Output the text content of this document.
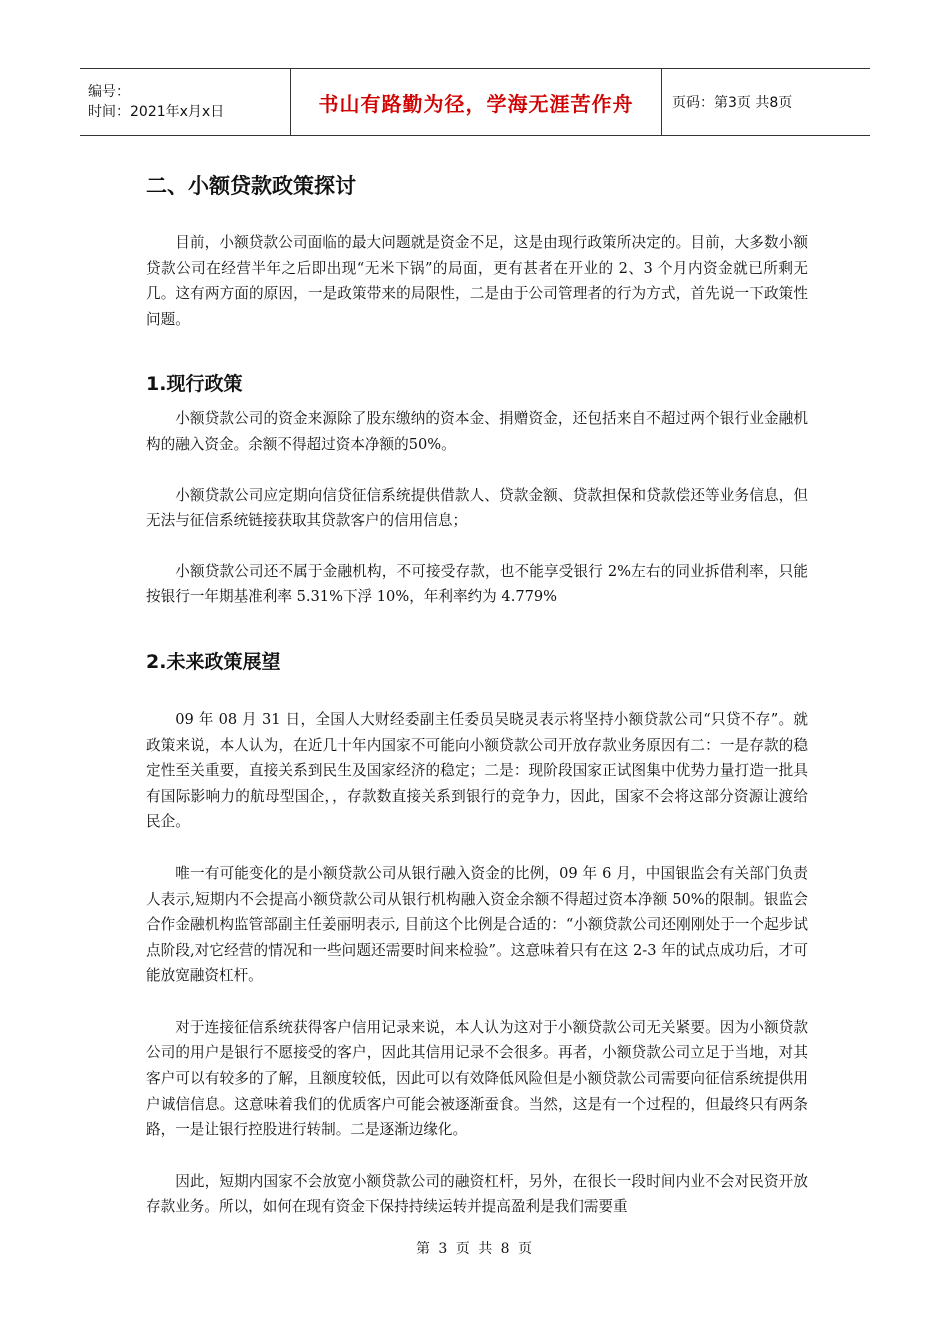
编号：
时间：2021年x月x日	书山有路勤为径，学海无涯苦作舟	页码：第3页 共8页
二、小额贷款政策探讨

目前，小额贷款公司面临的最大问题就是资金不足，这是由现行政策所决定的。目前，大多数小额贷款公司在经营半年之后即出现“无米下锅”的局面，更有甚者在开业的 2、3 个月内资金就已所剩无几。这有两方面的原因，一是政策带来的局限性，二是由于公司管理者的行为方式，首先说一下政策性问题。

1.现行政策

小额贷款公司的资金来源除了股东缴纳的资本金、捐赠资金，还包括来自不超过两个银行业金融机构的融入资金。余额不得超过资本净额的50%。

小额贷款公司应定期向信贷征信系统提供借款人、贷款金额、贷款担保和贷款偿还等业务信息，但无法与征信系统链接获取其贷款客户的信用信息；

小额贷款公司还不属于金融机构，不可接受存款，也不能享受银行 2%左右的同业拆借利率，只能按银行一年期基准利率 5.31%下浮 10%，年利率约为 4.779%

2.未来政策展望

09 年 08 月 31 日，全国人大财经委副主任委员吴晓灵表示将坚持小额贷款公司“只贷不存”。就政策来说，本人认为，在近几十年内国家不可能向小额贷款公司开放存款业务原因有二：一是存款的稳定性至关重要，直接关系到民生及国家经济的稳定；二是：现阶段国家正试图集中优势力量打造一批具有国际影响力的航母型国企，，存款数直接关系到银行的竞争力，因此，国家不会将这部分资源让渡给民企。

唯一有可能变化的是小额贷款公司从银行融入资金的比例，09 年 6 月，中国银监会有关部门负责人表示,短期内不会提高小额贷款公司从银行机构融入资金余额不得超过资本净额 50%的限制。银监会合作金融机构监管部副主任姜丽明表示, 目前这个比例是合适的：“小额贷款公司还刚刚处于一个起步试点阶段,对它经营的情况和一些问题还需要时间来检验”。这意味着只有在这 2-3 年的试点成功后，才可能放宽融资杠杆。

对于连接征信系统获得客户信用记录来说，本人认为这对于小额贷款公司无关紧要。因为小额贷款公司的用户是银行不愿接受的客户，因此其信用记录不会很多。再者，小额贷款公司立足于当地，对其客户可以有较多的了解，且额度较低，因此可以有效降低风险但是小额贷款公司需要向征信系统提供用户诚信信息。这意味着我们的优质客户可能会被逐渐蚕食。当然，这是有一个过程的，但最终只有两条路，一是让银行控股进行转制。二是逐渐边缘化。

因此，短期内国家不会放宽小额贷款公司的融资杠杆，另外，在很长一段时间内业不会对民资开放存款业务。所以，如何在现有资金下保持持续运转并提高盈利是我们需要重

第 3 页 共 8 页
